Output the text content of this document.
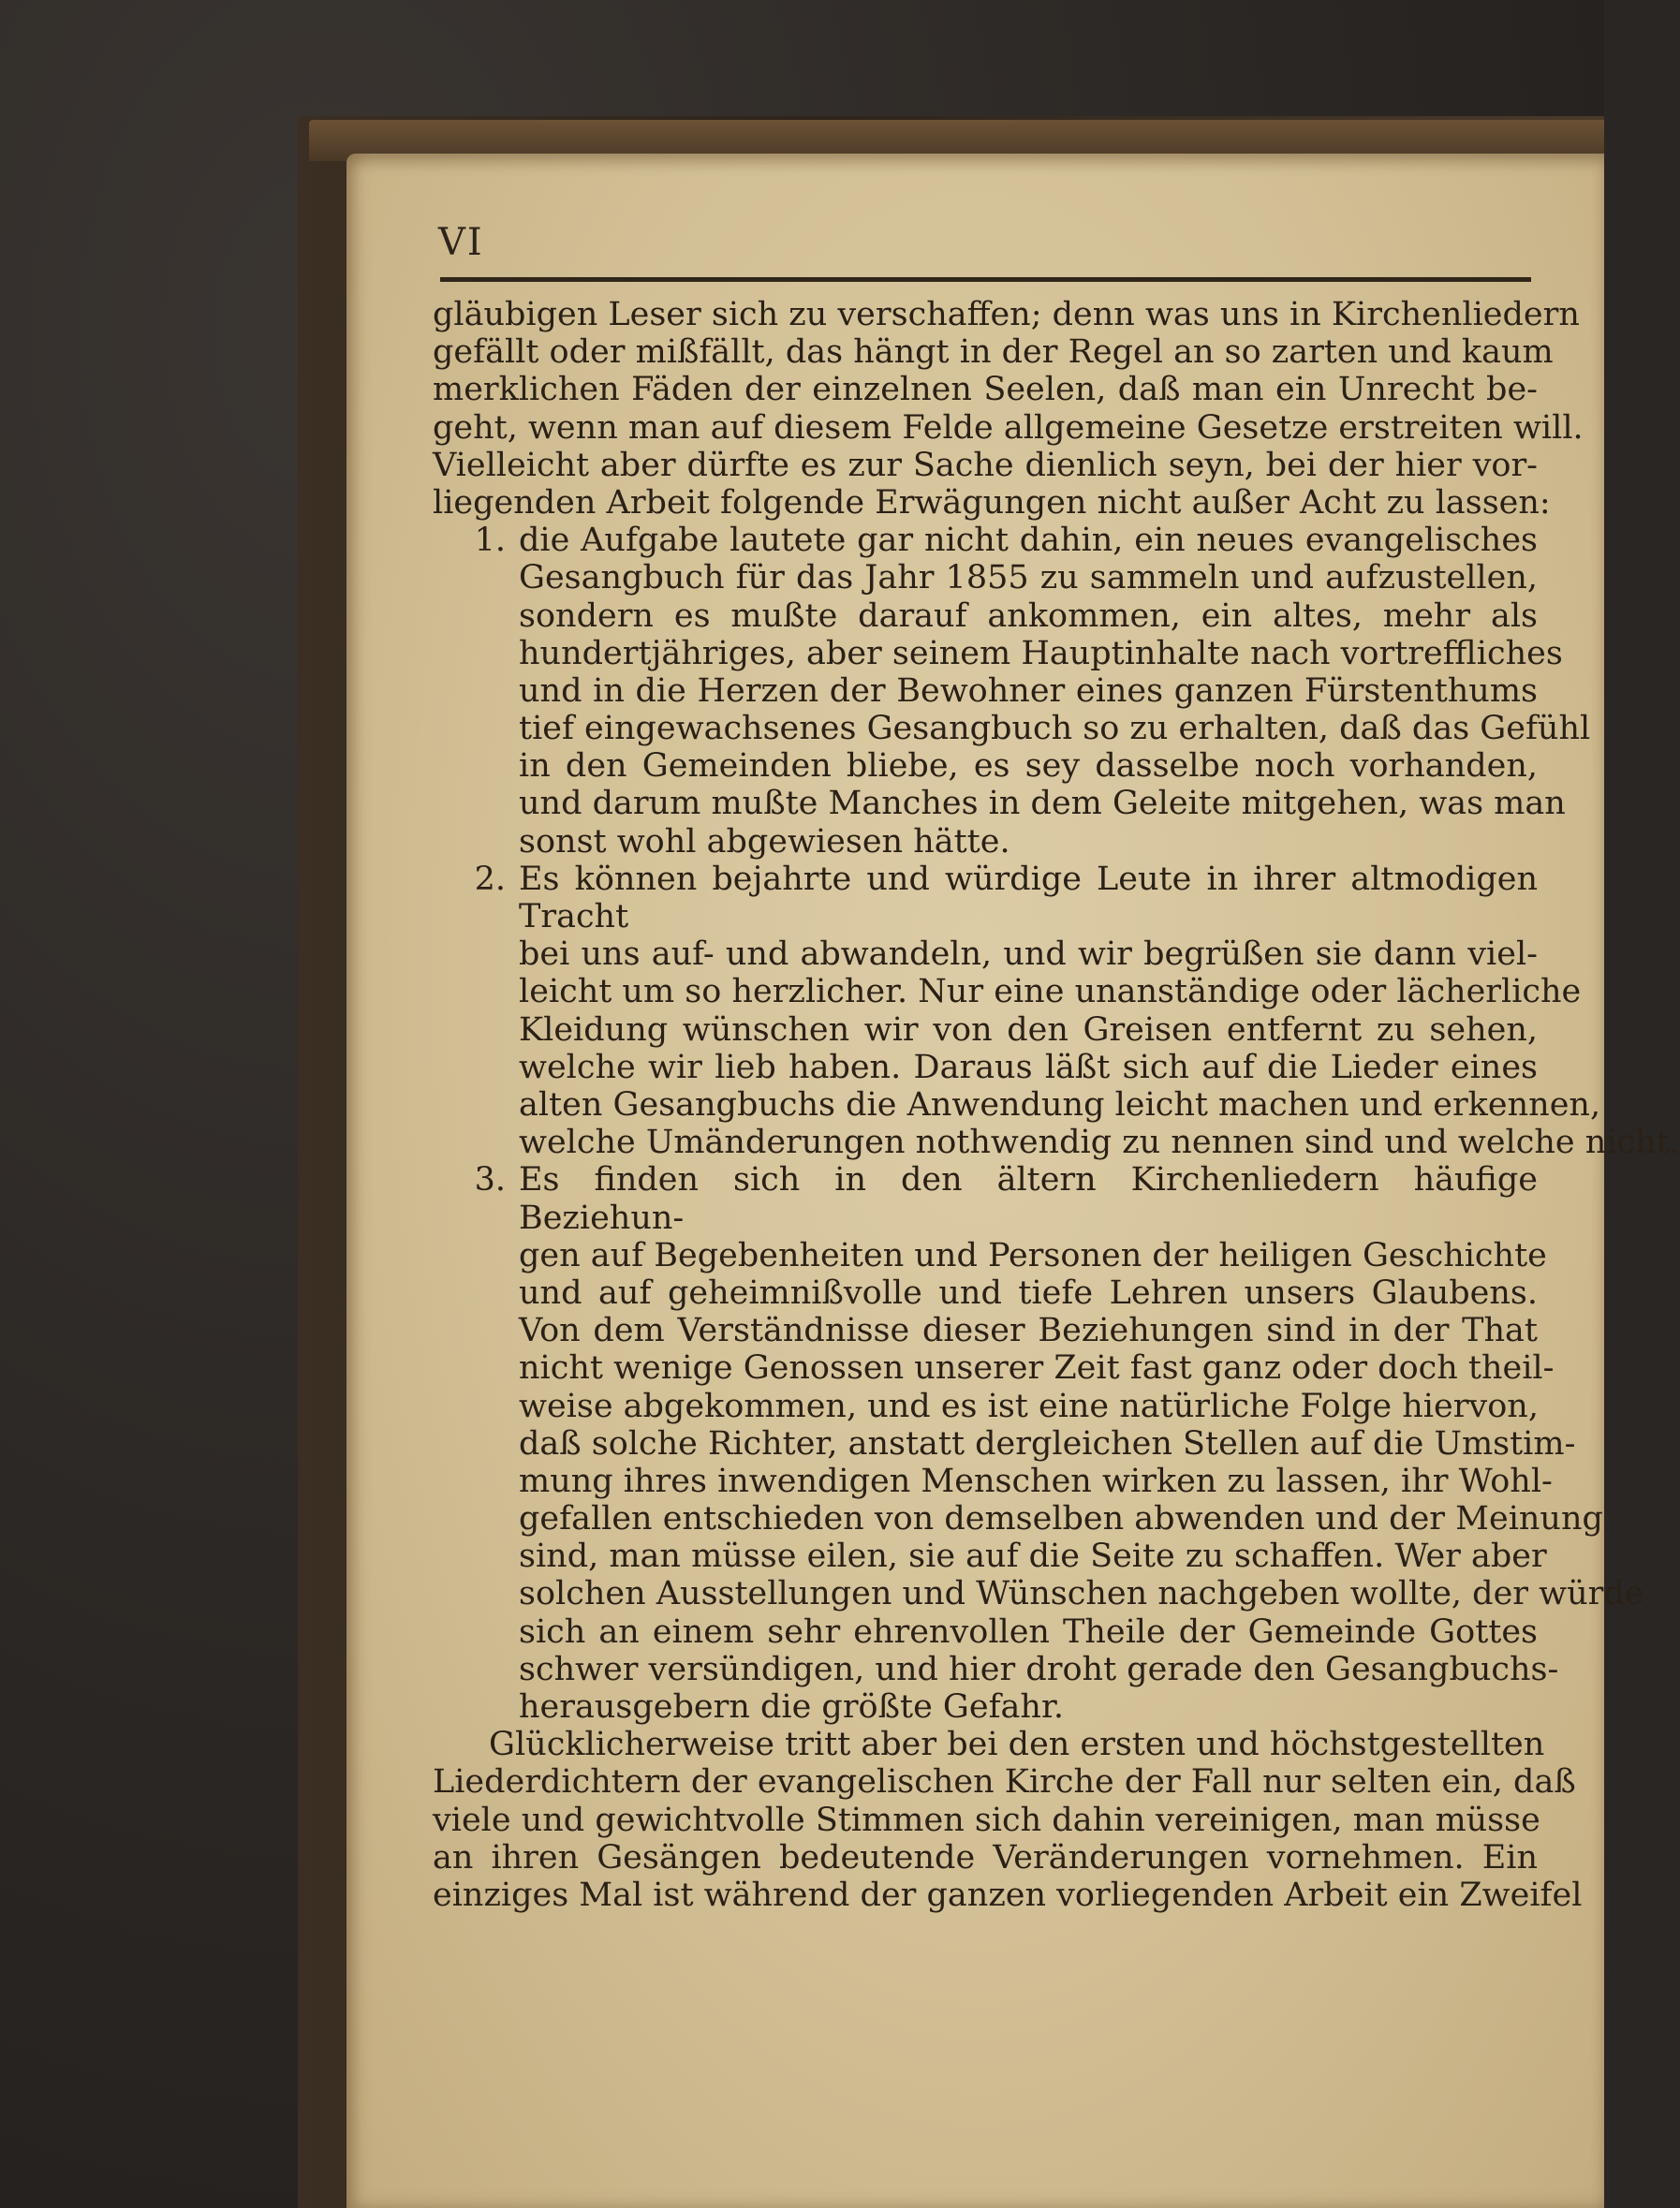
VI
gläubigen Leser sich zu verschaffen; denn was uns in Kirchenliedern
gefällt oder mißfällt, das hängt in der Regel an so zarten und kaum
merklichen Fäden der einzelnen Seelen, daß man ein Unrecht be-
geht, wenn man auf diesem Felde allgemeine Gesetze erstreiten will.
Vielleicht aber dürfte es zur Sache dienlich seyn, bei der hier vor-
liegenden Arbeit folgende Erwägungen nicht außer Acht zu lassen:
1. die Aufgabe lautete gar nicht dahin, ein neues evangelisches
Gesangbuch für das Jahr 1855 zu sammeln und aufzustellen,
sondern es mußte darauf ankommen, ein altes, mehr als
hundertjähriges, aber seinem Hauptinhalte nach vortreffliches
und in die Herzen der Bewohner eines ganzen Fürstenthums
tief eingewachsenes Gesangbuch so zu erhalten, daß das Gefühl
in den Gemeinden bliebe, es sey dasselbe noch vorhanden,
und darum mußte Manches in dem Geleite mitgehen, was man
sonst wohl abgewiesen hätte.
2. Es können bejahrte und würdige Leute in ihrer altmodigen Tracht
bei uns auf- und abwandeln, und wir begrüßen sie dann viel-
leicht um so herzlicher. Nur eine unanständige oder lächerliche
Kleidung wünschen wir von den Greisen entfernt zu sehen,
welche wir lieb haben. Daraus läßt sich auf die Lieder eines
alten Gesangbuchs die Anwendung leicht machen und erkennen,
welche Umänderungen nothwendig zu nennen sind und welche nicht.
3. Es finden sich in den ältern Kirchenliedern häufige Beziehun-
gen auf Begebenheiten und Personen der heiligen Geschichte
und auf geheimnißvolle und tiefe Lehren unsers Glaubens.
Von dem Verständnisse dieser Beziehungen sind in der That
nicht wenige Genossen unserer Zeit fast ganz oder doch theil-
weise abgekommen, und es ist eine natürliche Folge hiervon,
daß solche Richter, anstatt dergleichen Stellen auf die Umstim-
mung ihres inwendigen Menschen wirken zu lassen, ihr Wohl-
gefallen entschieden von demselben abwenden und der Meinung
sind, man müsse eilen, sie auf die Seite zu schaffen. Wer aber
solchen Ausstellungen und Wünschen nachgeben wollte, der würde
sich an einem sehr ehrenvollen Theile der Gemeinde Gottes
schwer versündigen, und hier droht gerade den Gesangbuchs-
herausgebern die größte Gefahr.
Glücklicherweise tritt aber bei den ersten und höchstgestellten
Liederdichtern der evangelischen Kirche der Fall nur selten ein, daß
viele und gewichtvolle Stimmen sich dahin vereinigen, man müsse
an ihren Gesängen bedeutende Veränderungen vornehmen. Ein
einziges Mal ist während der ganzen vorliegenden Arbeit ein Zweifel
